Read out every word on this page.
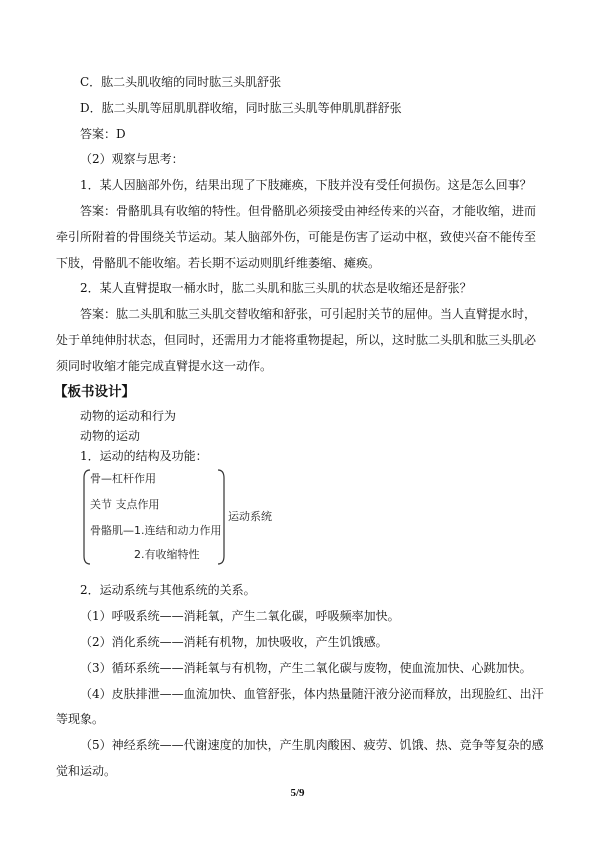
C．肱二头肌收缩的同时肱三头肌舒张
D．肱二头肌等屈肌肌群收缩，同时肱三头肌等伸肌肌群舒张
答案：D
（2）观察与思考：
1．某人因脑部外伤，结果出现了下肢瘫痪，下肢并没有受任何损伤。这是怎么回事？
答案：骨骼肌具有收缩的特性。但骨骼肌必须接受由神经传来的兴奋，才能收缩，进而
牵引所附着的骨围绕关节运动。某人脑部外伤，可能是伤害了运动中枢，致使兴奋不能传至
下肢，骨骼肌不能收缩。若长期不运动则肌纤维萎缩、瘫痪。
2．某人直臂提取一桶水时，肱二头肌和肱三头肌的状态是收缩还是舒张？
答案：肱二头肌和肱三头肌交替收缩和舒张，可引起肘关节的屈伸。当人直臂提水时，
处于单纯伸肘状态，但同时，还需用力才能将重物提起，所以，这时肱二头肌和肱三头肌必
须同时收缩才能完成直臂提水这一动作。
【板书设计】
动物的运动和行为
动物的运动
1．运动的结构及功能：
骨—杠杆作用
关节 支点作用
骨骼肌—1.连结和动力作用
2.有收缩特性
运动系统
2．运动系统与其他系统的关系。
（1）呼吸系统——消耗氧，产生二氧化碳，呼吸频率加快。
（2）消化系统——消耗有机物，加快吸收，产生饥饿感。
（3）循环系统——消耗氧与有机物，产生二氧化碳与废物，使血流加快、心跳加快。
（4）皮肤排泄——血流加快、血管舒张，体内热量随汗液分泌而释放，出现脸红、出汗
等现象。
（5）神经系统——代谢速度的加快，产生肌肉酸困、疲劳、饥饿、热、竞争等复杂的感
觉和运动。
5/9
